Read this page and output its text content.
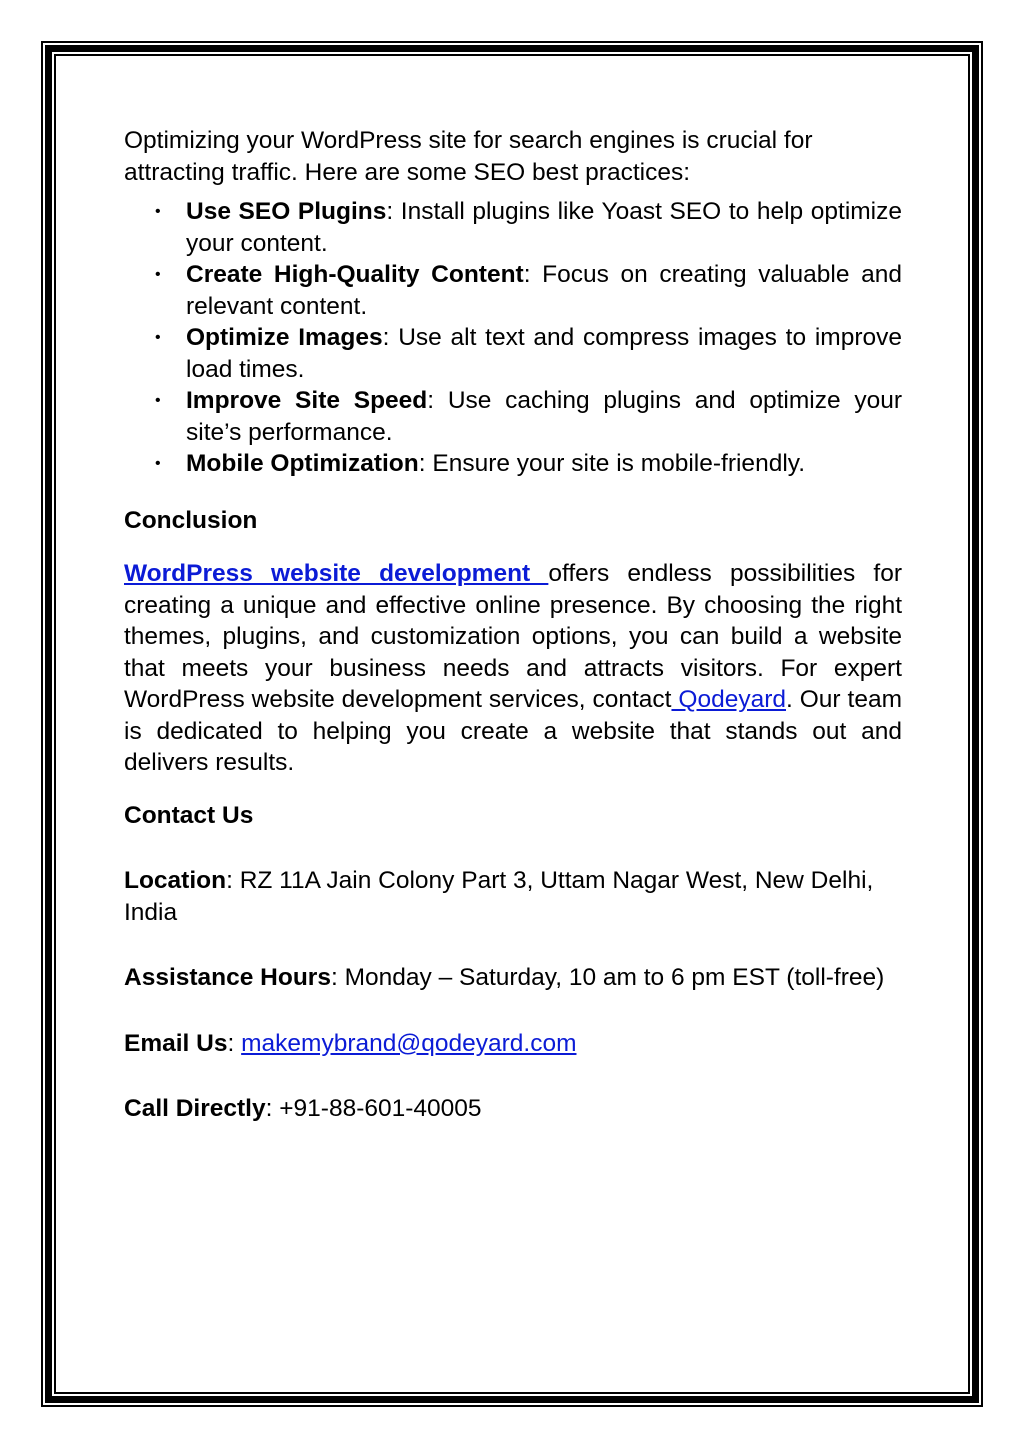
Optimizing your WordPress site for search engines is crucial for attracting traffic. Here are some SEO best practices:

• Use SEO Plugins: Install plugins like Yoast SEO to help optimize your content.
• Create High-Quality Content: Focus on creating valuable and relevant content.
• Optimize Images: Use alt text and compress images to improve load times.
• Improve Site Speed: Use caching plugins and optimize your site’s performance.
• Mobile Optimization: Ensure your site is mobile-friendly.

Conclusion

WordPress website development offers endless possibilities for creating a unique and effective online presence. By choosing the right themes, plugins, and customization options, you can build a website that meets your business needs and attracts visitors. For expert WordPress website development services, contact Qodeyard. Our team is dedicated to helping you create a website that stands out and delivers results.

Contact Us

Location: RZ 11A Jain Colony Part 3, Uttam Nagar West, New Delhi, India

Assistance Hours: Monday – Saturday, 10 am to 6 pm EST (toll-free)

Email Us: makemybrand@qodeyard.com

Call Directly: +91-88-601-40005
